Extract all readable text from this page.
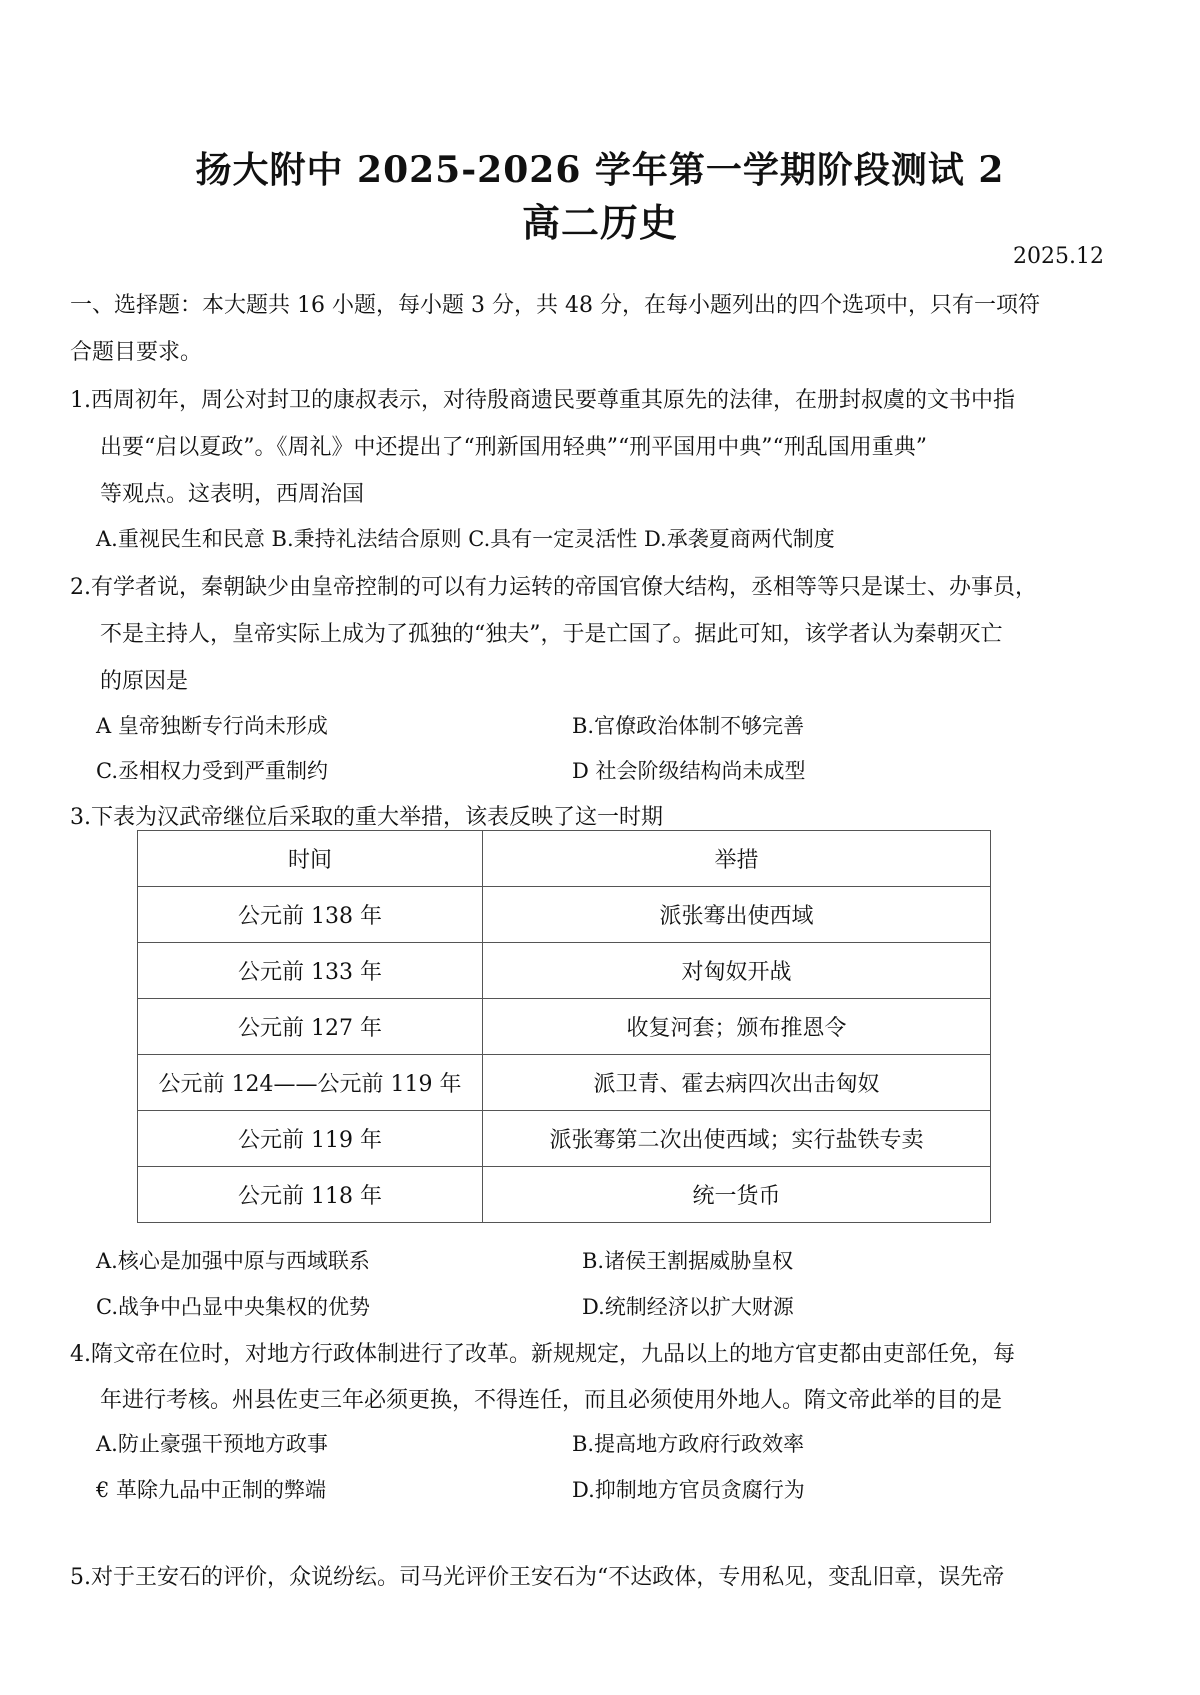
扬大附中 2025-2026 学年第一学期阶段测试 2
高二历史
2025.12
一、选择题：本大题共 16 小题，每小题 3 分，共 48 分，在每小题列出的四个选项中，只有一项符
合题目要求。
1.西周初年，周公对封卫的康叔表示，对待殷商遗民要尊重其原先的法律，在册封叔虞的文书中指
出要“启以夏政”。《周礼》中还提出了“刑新国用轻典”“刑平国用中典”“刑乱国用重典”
等观点。这表明，西周治国
A.重视民生和民意 B.秉持礼法结合原则 C.具有一定灵活性 D.承袭夏商两代制度
2.有学者说，秦朝缺少由皇帝控制的可以有力运转的帝国官僚大结构，丞相等等只是谋士、办事员，
不是主持人，皇帝实际上成为了孤独的“独夫”，于是亡国了。据此可知，该学者认为秦朝灭亡
的原因是
A 皇帝独断专行尚未形成	B.官僚政治体制不够完善
C.丞相权力受到严重制约	D 社会阶级结构尚未成型
3.下表为汉武帝继位后采取的重大举措，该表反映了这一时期
时间	举措
公元前 138 年	派张骞出使西域
公元前 133 年	对匈奴开战
公元前 127 年	收复河套；颁布推恩令
公元前 124——公元前 119 年	派卫青、霍去病四次出击匈奴
公元前 119 年	派张骞第二次出使西域；实行盐铁专卖
公元前 118 年	统一货币
A.核心是加强中原与西域联系	B.诸侯王割据威胁皇权
C.战争中凸显中央集权的优势	D.统制经济以扩大财源
4.隋文帝在位时，对地方行政体制进行了改革。新规规定，九品以上的地方官吏都由吏部任免，每
年进行考核。州县佐吏三年必须更换，不得连任，而且必须使用外地人。隋文帝此举的目的是
A.防止豪强干预地方政事	B.提高地方政府行政效率
€ 革除九品中正制的弊端	D.抑制地方官员贪腐行为
5.对于王安石的评价，众说纷纭。司马光评价王安石为“不达政体，专用私见，变乱旧章，误先帝
